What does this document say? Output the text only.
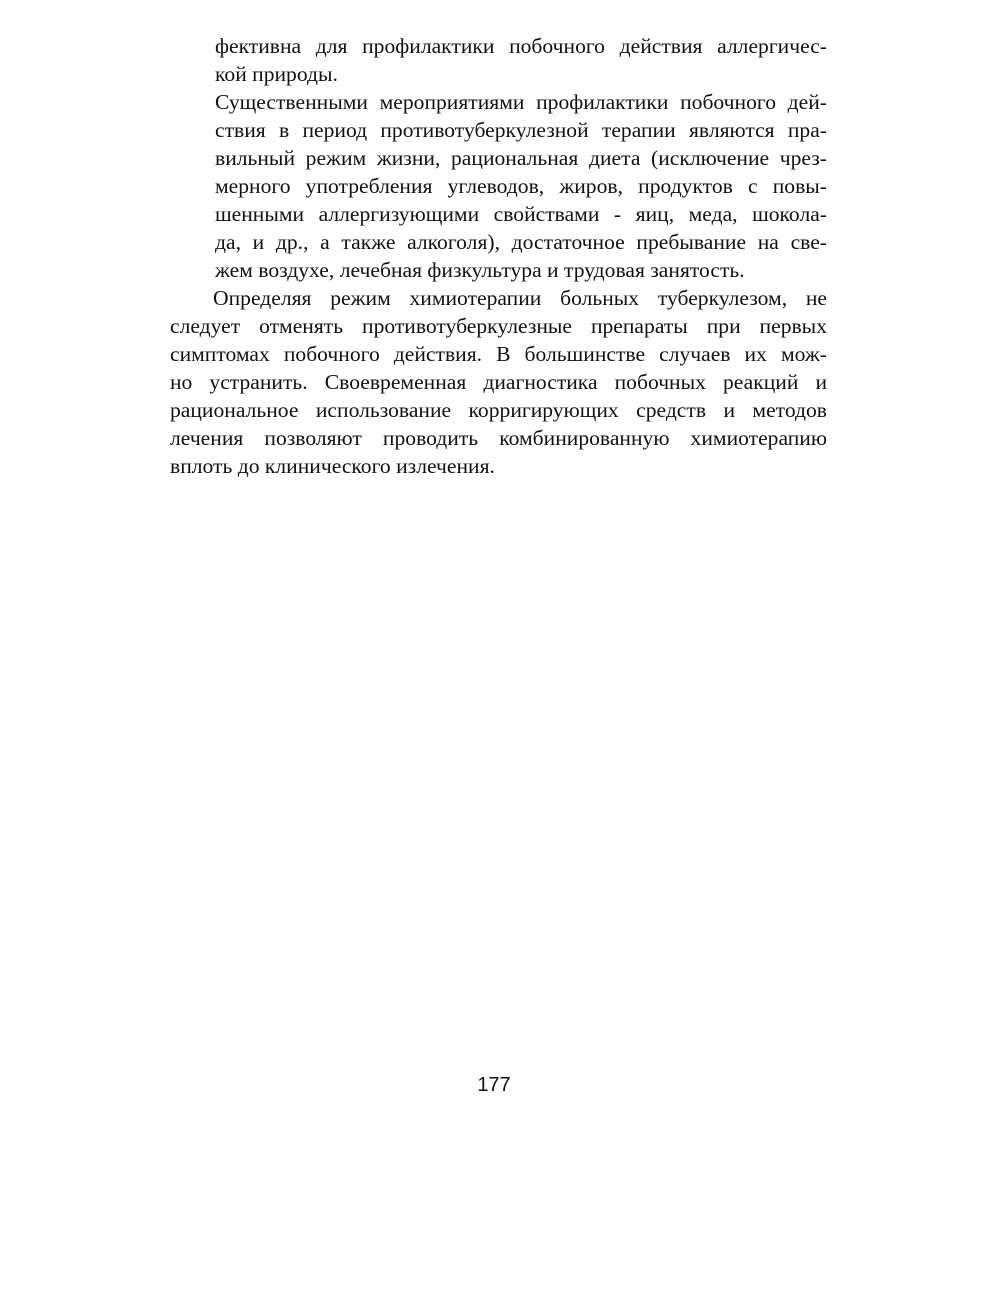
фективна для профилактики побочного действия аллергичес-
кой природы.
Существенными мероприятиями профилактики побочного дей-
ствия в период противотуберкулезной терапии являются пра-
вильный режим жизни, рациональная диета (исключение чрез-
мерного употребления углеводов, жиров, продуктов с повы-
шенными аллергизующими свойствами - яиц, меда, шокола-
да, и др., а также алкоголя), достаточное пребывание на све-
жем воздухе, лечебная физкультура и трудовая занятость.
Определяя режим химиотерапии больных туберкулезом, не
следует отменять противотуберкулезные препараты при первых
симптомах побочного действия. В большинстве случаев их мож-
но устранить. Своевременная диагностика побочных реакций и
рациональное использование корригирующих средств и методов
лечения позволяют проводить комбинированную химиотерапию
вплоть до клинического излечения.
177
